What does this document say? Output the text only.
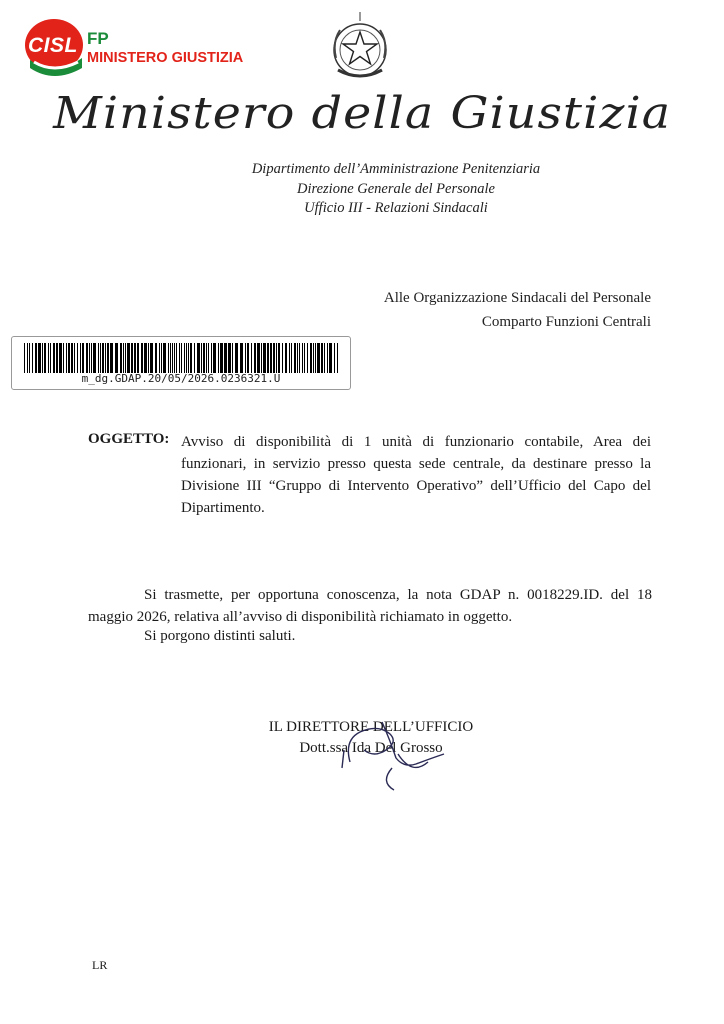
CISL FP
MINISTERO GIUSTIZIA
Ministero della Giustizia
Dipartimento dell’Amministrazione Penitenziaria
Direzione Generale del Personale
Ufficio III - Relazioni Sindacali
Alle Organizzazione Sindacali del Personale
Comparto Funzioni Centrali
m_dg.GDAP.20/05/2026.0236321.U
OGGETTO: Avviso di disponibilità di 1 unità di funzionario contabile, Area dei funzionari, in servizio presso questa sede centrale, da destinare presso la Divisione III “Gruppo di Intervento Operativo” dell’Ufficio del Capo del Dipartimento.
Si trasmette, per opportuna conoscenza, la nota GDAP n. 0018229.ID. del 18 maggio 2026, relativa all’avviso di disponibilità richiamato in oggetto.
Si porgono distinti saluti.
IL DIRETTORE DELL’UFFICIO
Dott.ssa Ida Del Grosso
LR
